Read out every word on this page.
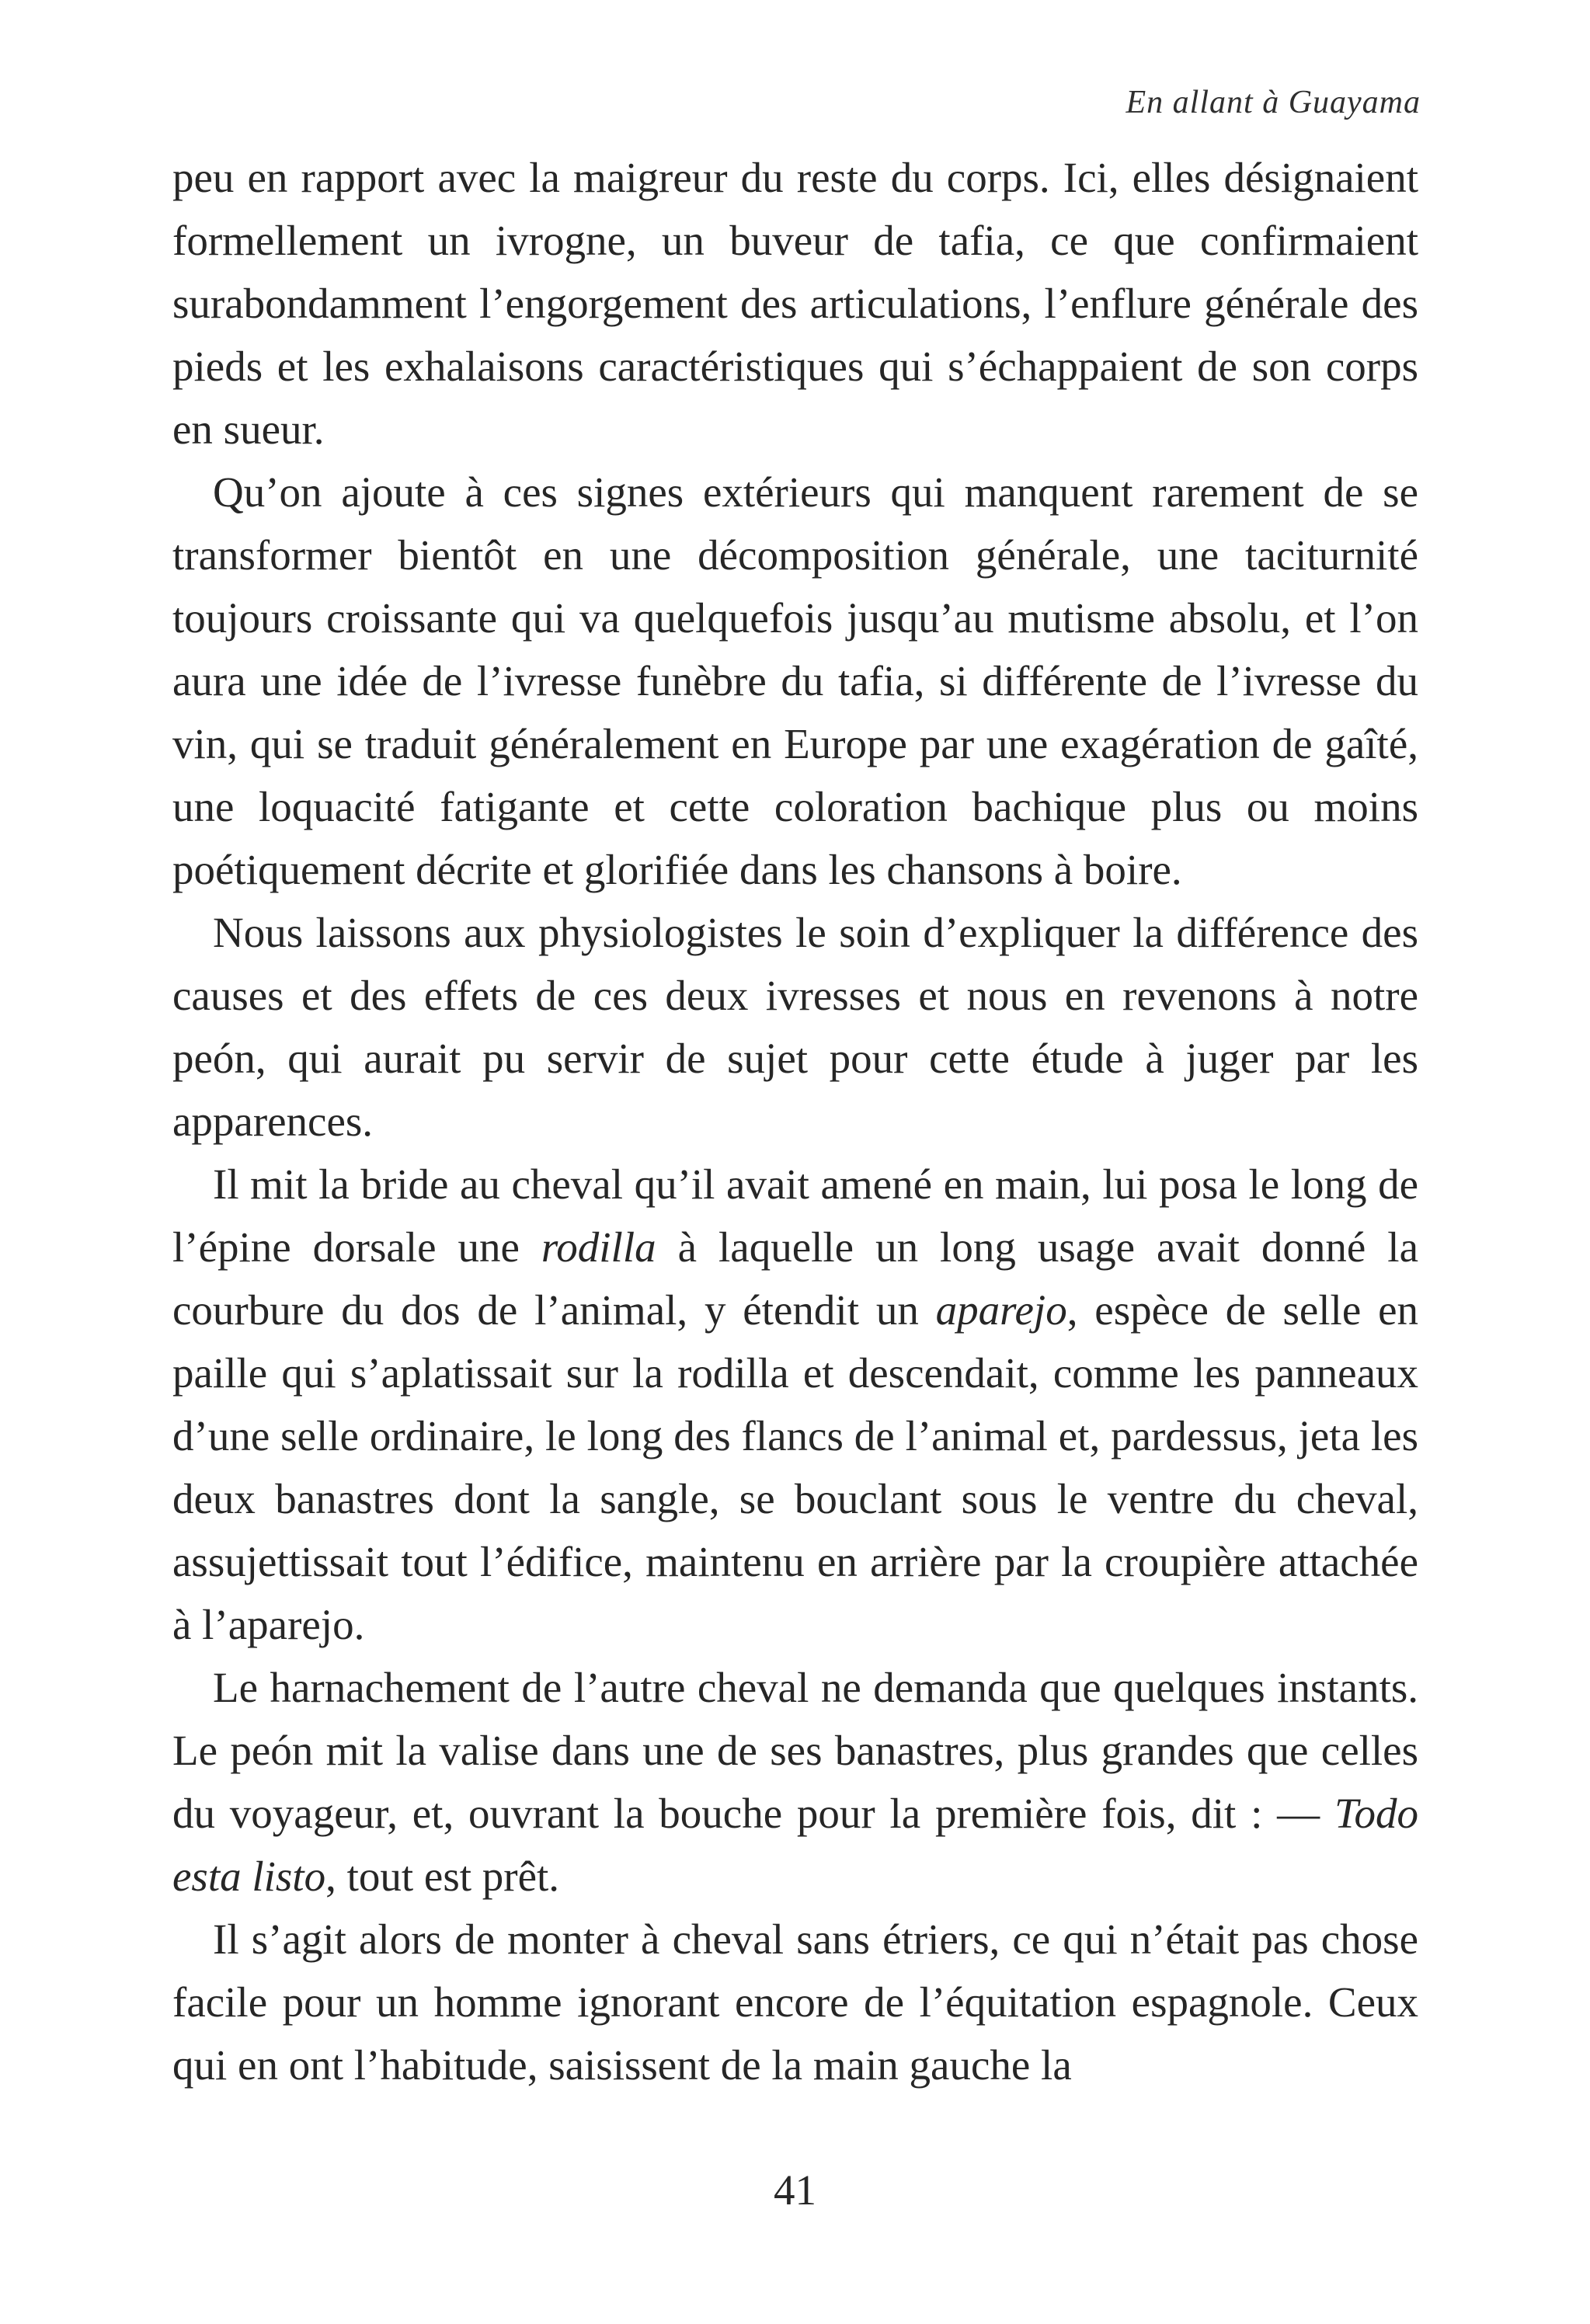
En allant à Guayama

peu en rapport avec la maigreur du reste du corps. Ici, elles désignaient formellement un ivrogne, un buveur de tafia, ce que confirmaient surabondamment l’engorgement des articulations, l’enflure générale des pieds et les exhalaisons caractéristiques qui s’échappaient de son corps en sueur.

Qu’on ajoute à ces signes extérieurs qui manquent rarement de se transformer bientôt en une décomposition générale, une taciturnité toujours croissante qui va quelquefois jusqu’au mutisme absolu, et l’on aura une idée de l’ivresse funèbre du tafia, si différente de l’ivresse du vin, qui se traduit généralement en Europe par une exagération de gaîté, une loquacité fatigante et cette coloration bachique plus ou moins poétiquement décrite et glorifiée dans les chansons à boire.

Nous laissons aux physiologistes le soin d’expliquer la différence des causes et des effets de ces deux ivresses et nous en revenons à notre peón, qui aurait pu servir de sujet pour cette étude à juger par les apparences.

Il mit la bride au cheval qu’il avait amené en main, lui posa le long de l’épine dorsale une rodilla à laquelle un long usage avait donné la courbure du dos de l’animal, y étendit un aparejo, espèce de selle en paille qui s’aplatissait sur la rodilla et descendait, comme les panneaux d’une selle ordinaire, le long des flancs de l’animal et, pardessus, jeta les deux banastres dont la sangle, se bouclant sous le ventre du cheval, assujettissait tout l’édifice, maintenu en arrière par la croupière attachée à l’aparejo.

Le harnachement de l’autre cheval ne demanda que quelques instants. Le peón mit la valise dans une de ses banastres, plus grandes que celles du voyageur, et, ouvrant la bouche pour la première fois, dit : — Todo esta listo, tout est prêt.

Il s’agit alors de monter à cheval sans étriers, ce qui n’était pas chose facile pour un homme ignorant encore de l’équitation espagnole. Ceux qui en ont l’habitude, saisissent de la main gauche la

41
